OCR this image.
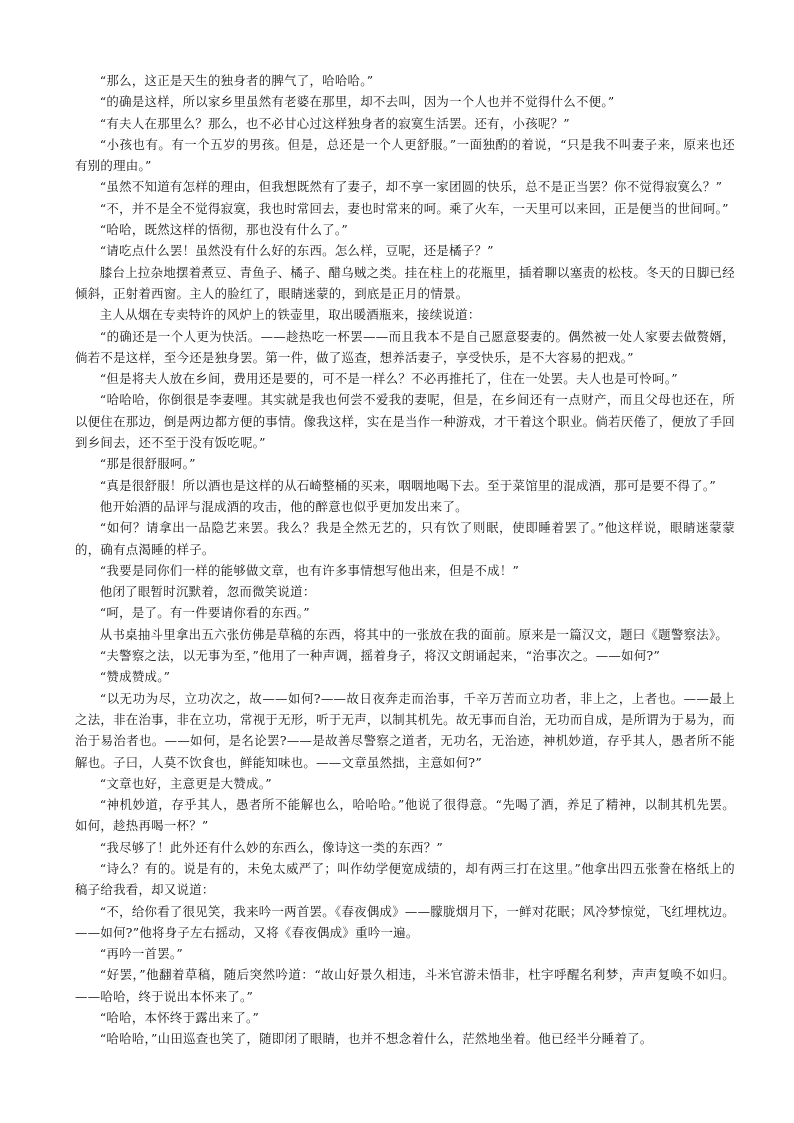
“那么，这正是天生的独身者的脾气了，哈哈哈。”

“的确是这样，所以家乡里虽然有老婆在那里，却不去叫，因为一个人也并不觉得什么不便。”

“有夫人在那里么？那么，也不必甘心过这样独身者的寂寞生活罢。还有，小孩呢？”

“小孩也有。有一个五岁的男孩。但是，总还是一个人更舒服。”一面独酌的着说，“只是我不叫妻子来，原来也还有别的理由。”

“虽然不知道有怎样的理由，但我想既然有了妻子，却不享一家团圆的快乐，总不是正当罢？你不觉得寂寞么？”

“不，并不是全不觉得寂寞，我也时常回去，妻也时常来的呵。乘了火车，一天里可以来回，正是便当的世间呵。”

“哈哈，既然这样的悟彻，那也没有什么了。”

“请吃点什么罢！虽然没有什么好的东西。怎么样，豆呢，还是橘子？”

膝台上拉杂地摆着煮豆、青鱼子、橘子、醋乌贼之类。挂在柱上的花瓶里，插着聊以塞责的松枝。冬天的日脚已经倾斜，正射着西窗。主人的脸红了，眼睛迷蒙的，到底是正月的情景。

主人从烟在专卖特许的风炉上的铁壶里，取出暖酒瓶来，接续说道：

“的确还是一个人更为快活。——趁热吃一杯罢——而且我本不是自己愿意娶妻的。偶然被一处人家要去做赘婿，倘若不是这样，至今还是独身罢。第一件，做了巡查，想养活妻子，享受快乐，是不大容易的把戏。”

“但是将夫人放在乡间，费用还是要的，可不是一样么？不必再推托了，住在一处罢。夫人也是可怜呵。”

“哈哈哈，你倒很是李妻哩。其实就是我也何尝不爱我的妻呢，但是，在乡间还有一点财产，而且父母也还在，所以便住在那边，倒是两边都方便的事情。像我这样，实在是当作一种游戏，才干着这个职业。倘若厌倦了，便放了手回到乡间去，还不至于没有饭吃呢。”

“那是很舒服呵。”

“真是很舒服！所以酒也是这样的从石崎整桶的买来，咽咽地喝下去。至于菜馆里的混成酒，那可是要不得了。”

他开始酒的品评与混成酒的攻击，他的醉意也似乎更加发出来了。

“如何？请拿出一品隐艺来罢。我么？我是全然无艺的，只有饮了则眠，使即睡着罢了。”他这样说，眼睛迷蒙蒙的，确有点渴睡的样子。

“我要是同你们一样的能够做文章，也有许多事情想写他出来，但是不成！”

他闭了眼暂时沉默着，忽而微笑说道：

“呵，是了。有一件要请你看的东西。”

从书桌抽斗里拿出五六张仿佛是草稿的东西，将其中的一张放在我的面前。原来是一篇汉文，题曰《题警察法》。

“夫警察之法，以无事为至，”他用了一种声调，摇着身子，将汉文朗诵起来，“治事次之。——如何?”

“赞成赞成。”

“以无功为尽，立功次之，故——如何?——故日夜奔走而治事，千辛万苦而立功者，非上之，上者也。——最上之法，非在治事，非在立功，常视于无形，听于无声，以制其机先。故无事而自治，无功而自成，是所谓为于易为，而治于易治者也。——如何，是名论罢?——是故善尽警察之道者，无功名，无治迹，神机妙道，存乎其人，愚者所不能解也。子曰，人莫不饮食也，鲜能知味也。——文章虽然拙，主意如何?”

“文章也好，主意更是大赞成。”

“神机妙道，存乎其人，愚者所不能解也么，哈哈哈。”他说了很得意。“先喝了酒，养足了精神，以制其机先罢。如何，趁热再喝一杯？”

“我尽够了！此外还有什么妙的东西么，像诗这一类的东西？”

“诗么？有的。说是有的，未免太威严了；叫作幼学便宽成绩的，却有两三打在这里。”他拿出四五张誊在格纸上的稿子给我看，却又说道：

“不，给你看了很见笑，我来吟一两首罢。《春夜偶成》——朦胧烟月下，一鲜对花眠；风冷梦惊觉，飞红埋枕边。——如何?”他将身子左右摇动，又将《春夜偶成》重吟一遍。

“再吟一首罢。”

“好罢，”他翻着草稿，随后突然吟道：“故山好景久相违，斗米官游未悟非，杜宇呼醒名利梦，声声复唤不如归。——哈哈，终于说出本怀来了。”

“哈哈，本怀终于露出来了。”

“哈哈哈，”山田巡查也笑了，随即闭了眼睛，也并不想念着什么，茫然地坐着。他已经半分睡着了。
